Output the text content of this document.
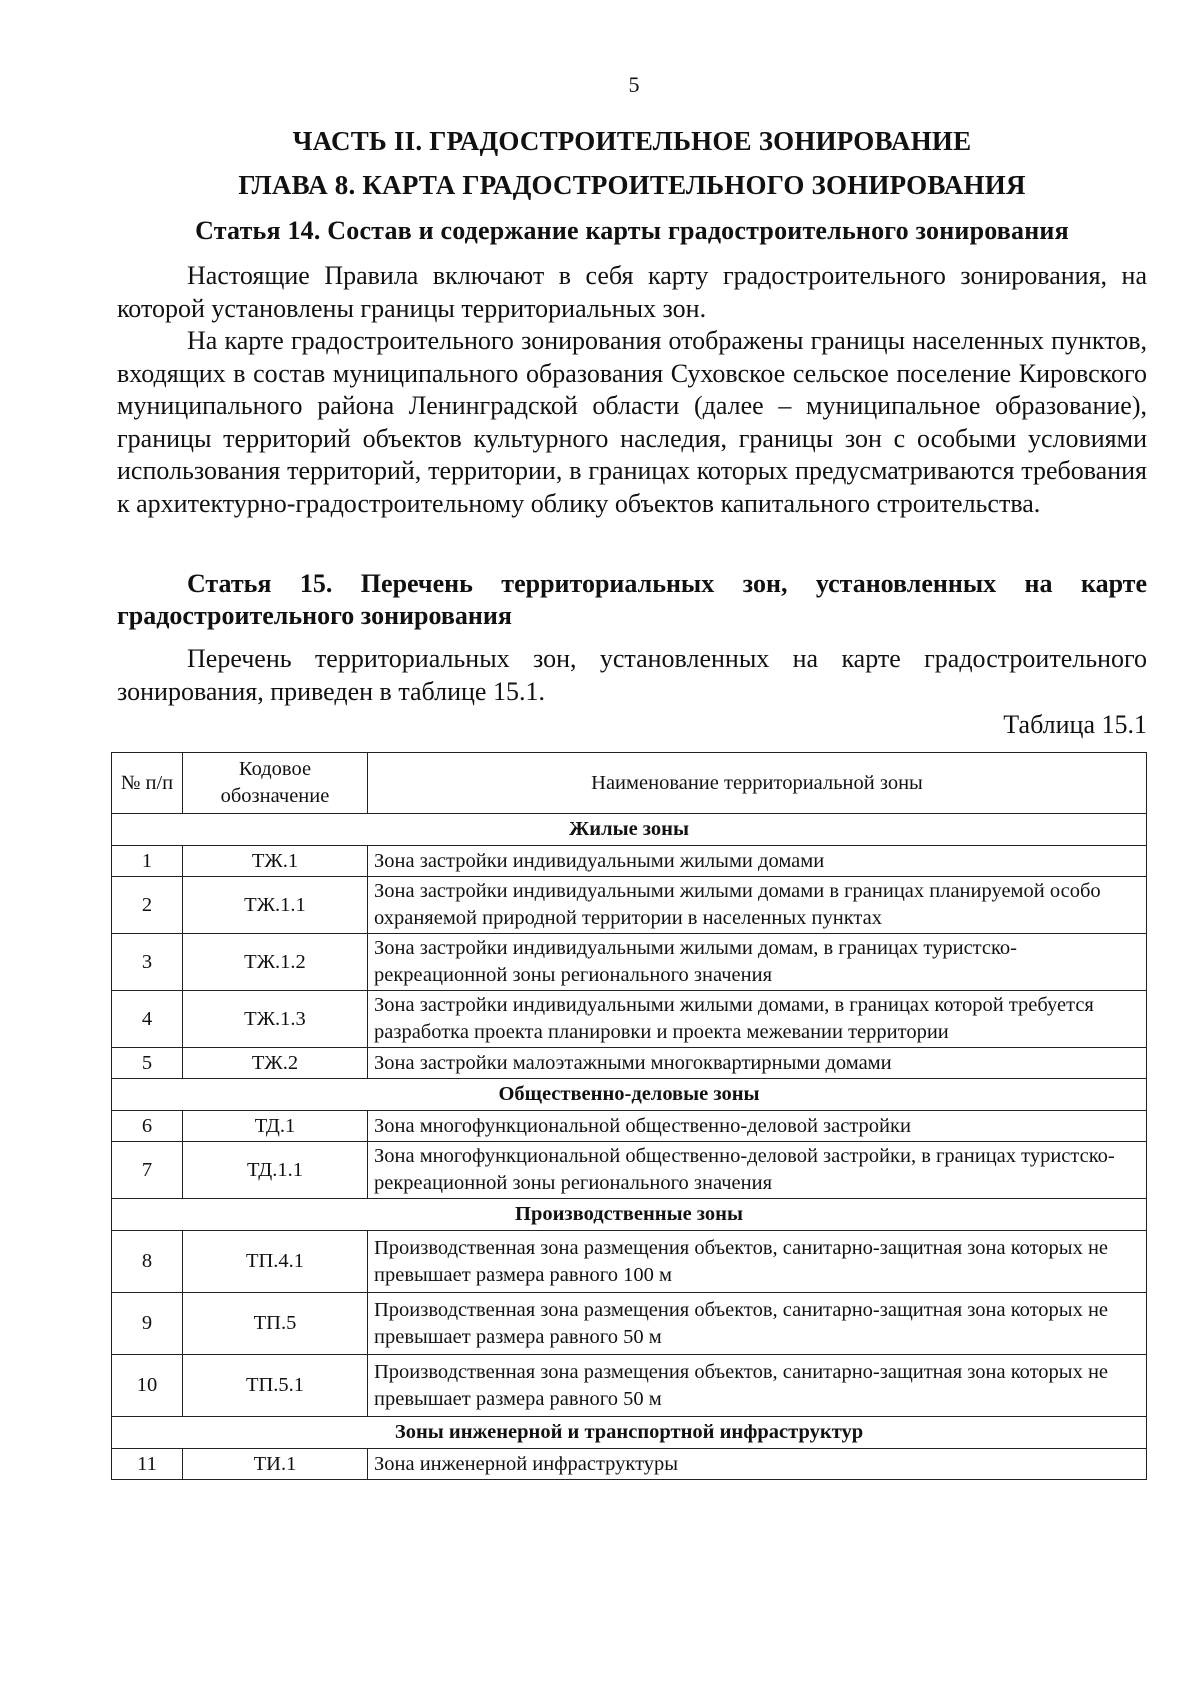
5
ЧАСТЬ II. ГРАДОСТРОИТЕЛЬНОЕ ЗОНИРОВАНИЕ
ГЛАВА 8. КАРТА ГРАДОСТРОИТЕЛЬНОГО ЗОНИРОВАНИЯ
Статья 14. Состав и содержание карты градостроительного зонирования
Настоящие Правила включают в себя карту градостроительного зонирования, на которой установлены границы территориальных зон.
На карте градостроительного зонирования отображены границы населенных пунктов, входящих в состав муниципального образования Суховское сельское поселение Кировского муниципального района Ленинградской области (далее – муниципальное образование), границы территорий объектов культурного наследия, границы зон с особыми условиями использования территорий, территории, в границах которых предусматриваются требования к архитектурно-градостроительному облику объектов капитального строительства.
Статья 15. Перечень территориальных зон, установленных на карте градостроительного зонирования
Перечень территориальных зон, установленных на карте градостроительного зонирования, приведен в таблице 15.1.
Таблица 15.1
№ п/п	Кодовое обозначение	Наименование территориальной зоны
Жилые зоны		
1	ТЖ.1	Зона застройки индивидуальными жилыми домами
2	ТЖ.1.1	Зона застройки индивидуальными жилыми домами в границах планируемой особо охраняемой природной территории в населенных пунктах
3	ТЖ.1.2	Зона застройки индивидуальными жилыми домам, в границах туристско-рекреационной зоны регионального значения
4	ТЖ.1.3	Зона застройки индивидуальными жилыми домами, в границах которой требуется разработка проекта планировки и проекта межевании территории
5	ТЖ.2	Зона застройки малоэтажными многоквартирными домами
Общественно-деловые зоны		
6	ТД.1	Зона многофункциональной общественно-деловой застройки
7	ТД.1.1	Зона многофункциональной общественно-деловой застройки, в границах туристско-рекреационной зоны регионального значения
Производственные зоны		
8	ТП.4.1	Производственная зона размещения объектов, санитарно-защитная зона которых не превышает размера равного 100 м
9	ТП.5	Производственная зона размещения объектов, санитарно-защитная зона которых не превышает размера равного 50 м
10	ТП.5.1	Производственная зона размещения объектов, санитарно-защитная зона которых не превышает размера равного 50 м
Зоны инженерной и транспортной инфраструктур		
11	ТИ.1	Зона инженерной инфраструктуры
